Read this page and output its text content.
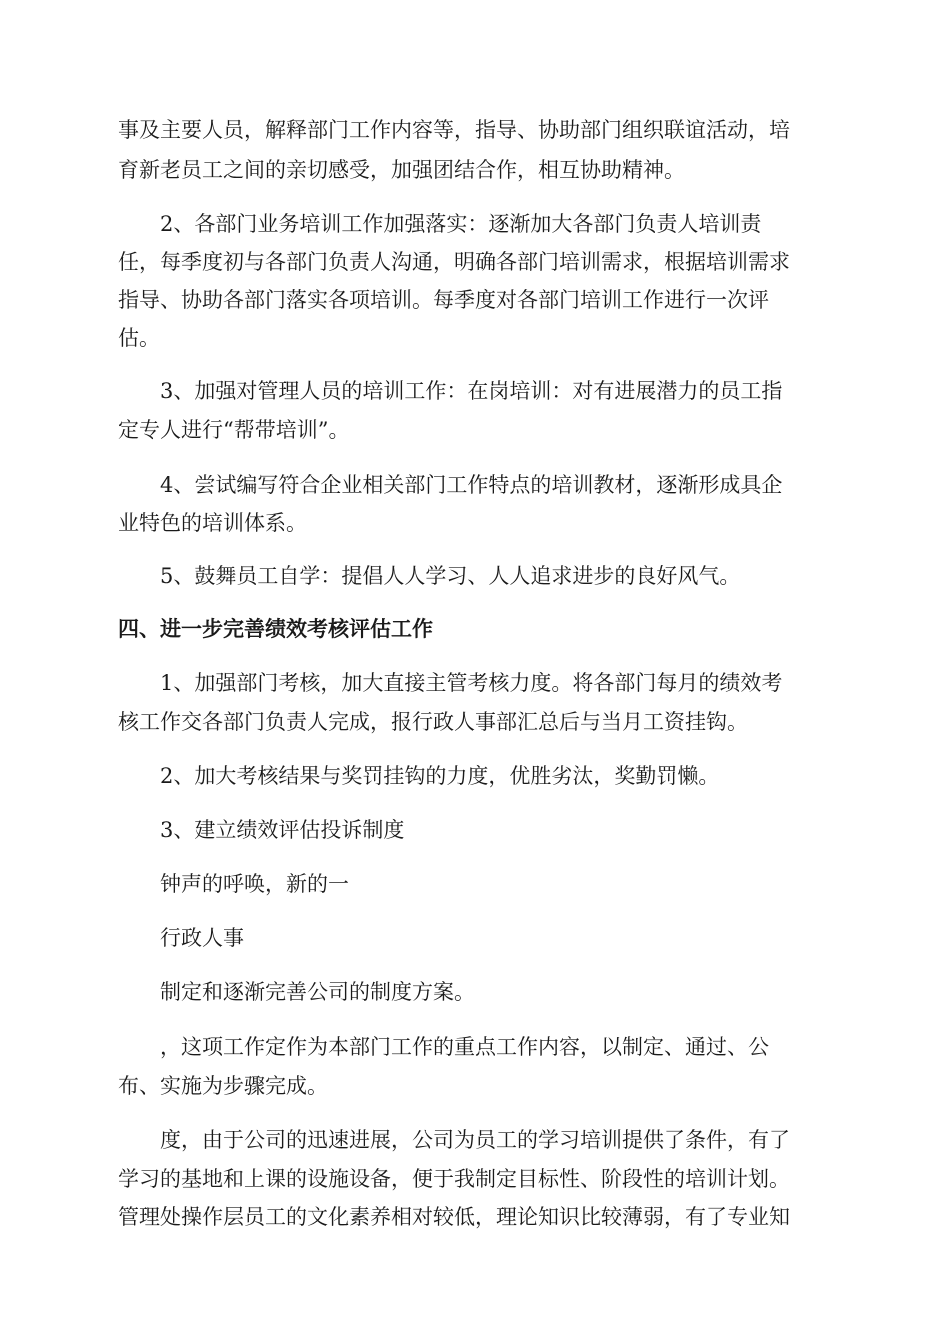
事及主要人员，解释部门工作内容等，指导、协助部门组织联谊活动，培

育新老员工之间的亲切感受，加强团结合作，相互协助精神。

　　2、各部门业务培训工作加强落实：逐渐加大各部门负责人培训责

任，每季度初与各部门负责人沟通，明确各部门培训需求，根据培训需求

指导、协助各部门落实各项培训。每季度对各部门培训工作进行一次评

估。

　　3、加强对管理人员的培训工作：在岗培训：对有进展潜力的员工指

定专人进行“帮带培训”。

　　4、尝试编写符合企业相关部门工作特点的培训教材，逐渐形成具企

业特色的培训体系。

　　5、鼓舞员工自学：提倡人人学习、人人追求进步的良好风气。

四、进一步完善绩效考核评估工作

　　1、加强部门考核，加大直接主管考核力度。将各部门每月的绩效考

核工作交各部门负责人完成，报行政人事部汇总后与当月工资挂钩。

　　2、加大考核结果与奖罚挂钩的力度，优胜劣汰，奖勤罚懒。

　　3、建立绩效评估投诉制度

　　钟声的呼唤，新的一

　　行政人事

　　制定和逐渐完善公司的制度方案。

　　，这项工作定作为本部门工作的重点工作内容，以制定、通过、公

布、实施为步骤完成。

　　度，由于公司的迅速进展，公司为员工的学习培训提供了条件，有了

学习的基地和上课的设施设备，便于我制定目标性、阶段性的培训计划。

管理处操作层员工的文化素养相对较低，理论知识比较薄弱，有了专业知
